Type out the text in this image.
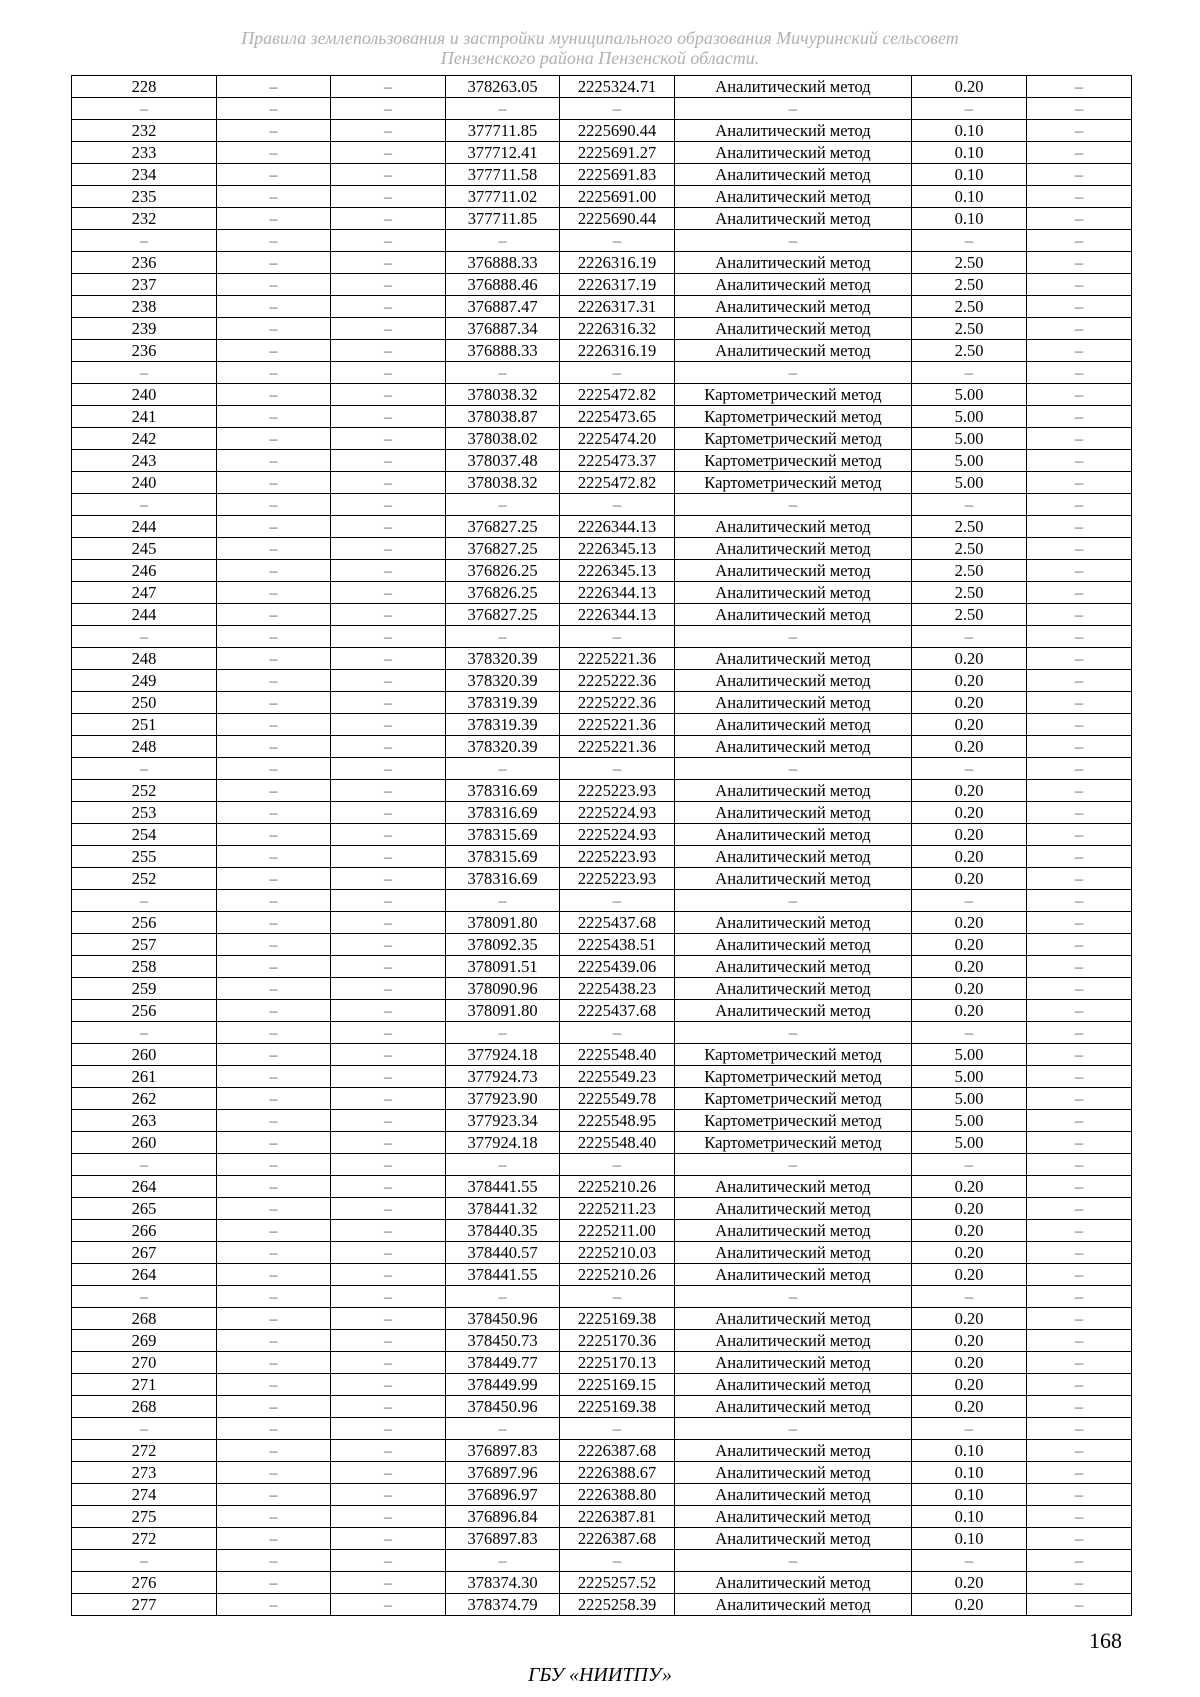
Правила землепользования и застройки муниципального образования Мичуринский сельсовет
Пензенского района Пензенской области.
228	–	–	378263.05	2225324.71	Аналитический метод	0.20	–
–	–	–	–	–	–	–	–
232	–	–	377711.85	2225690.44	Аналитический метод	0.10	–
233	–	–	377712.41	2225691.27	Аналитический метод	0.10	–
234	–	–	377711.58	2225691.83	Аналитический метод	0.10	–
235	–	–	377711.02	2225691.00	Аналитический метод	0.10	–
232	–	–	377711.85	2225690.44	Аналитический метод	0.10	–
–	–	–	–	–	–	–	–
236	–	–	376888.33	2226316.19	Аналитический метод	2.50	–
237	–	–	376888.46	2226317.19	Аналитический метод	2.50	–
238	–	–	376887.47	2226317.31	Аналитический метод	2.50	–
239	–	–	376887.34	2226316.32	Аналитический метод	2.50	–
236	–	–	376888.33	2226316.19	Аналитический метод	2.50	–
–	–	–	–	–	–	–	–
240	–	–	378038.32	2225472.82	Картометрический метод	5.00	–
241	–	–	378038.87	2225473.65	Картометрический метод	5.00	–
242	–	–	378038.02	2225474.20	Картометрический метод	5.00	–
243	–	–	378037.48	2225473.37	Картометрический метод	5.00	–
240	–	–	378038.32	2225472.82	Картометрический метод	5.00	–
–	–	–	–	–	–	–	–
244	–	–	376827.25	2226344.13	Аналитический метод	2.50	–
245	–	–	376827.25	2226345.13	Аналитический метод	2.50	–
246	–	–	376826.25	2226345.13	Аналитический метод	2.50	–
247	–	–	376826.25	2226344.13	Аналитический метод	2.50	–
244	–	–	376827.25	2226344.13	Аналитический метод	2.50	–
–	–	–	–	–	–	–	–
248	–	–	378320.39	2225221.36	Аналитический метод	0.20	–
249	–	–	378320.39	2225222.36	Аналитический метод	0.20	–
250	–	–	378319.39	2225222.36	Аналитический метод	0.20	–
251	–	–	378319.39	2225221.36	Аналитический метод	0.20	–
248	–	–	378320.39	2225221.36	Аналитический метод	0.20	–
–	–	–	–	–	–	–	–
252	–	–	378316.69	2225223.93	Аналитический метод	0.20	–
253	–	–	378316.69	2225224.93	Аналитический метод	0.20	–
254	–	–	378315.69	2225224.93	Аналитический метод	0.20	–
255	–	–	378315.69	2225223.93	Аналитический метод	0.20	–
252	–	–	378316.69	2225223.93	Аналитический метод	0.20	–
–	–	–	–	–	–	–	–
256	–	–	378091.80	2225437.68	Аналитический метод	0.20	–
257	–	–	378092.35	2225438.51	Аналитический метод	0.20	–
258	–	–	378091.51	2225439.06	Аналитический метод	0.20	–
259	–	–	378090.96	2225438.23	Аналитический метод	0.20	–
256	–	–	378091.80	2225437.68	Аналитический метод	0.20	–
–	–	–	–	–	–	–	–
260	–	–	377924.18	2225548.40	Картометрический метод	5.00	–
261	–	–	377924.73	2225549.23	Картометрический метод	5.00	–
262	–	–	377923.90	2225549.78	Картометрический метод	5.00	–
263	–	–	377923.34	2225548.95	Картометрический метод	5.00	–
260	–	–	377924.18	2225548.40	Картометрический метод	5.00	–
–	–	–	–	–	–	–	–
264	–	–	378441.55	2225210.26	Аналитический метод	0.20	–
265	–	–	378441.32	2225211.23	Аналитический метод	0.20	–
266	–	–	378440.35	2225211.00	Аналитический метод	0.20	–
267	–	–	378440.57	2225210.03	Аналитический метод	0.20	–
264	–	–	378441.55	2225210.26	Аналитический метод	0.20	–
–	–	–	–	–	–	–	–
268	–	–	378450.96	2225169.38	Аналитический метод	0.20	–
269	–	–	378450.73	2225170.36	Аналитический метод	0.20	–
270	–	–	378449.77	2225170.13	Аналитический метод	0.20	–
271	–	–	378449.99	2225169.15	Аналитический метод	0.20	–
268	–	–	378450.96	2225169.38	Аналитический метод	0.20	–
–	–	–	–	–	–	–	–
272	–	–	376897.83	2226387.68	Аналитический метод	0.10	–
273	–	–	376897.96	2226388.67	Аналитический метод	0.10	–
274	–	–	376896.97	2226388.80	Аналитический метод	0.10	–
275	–	–	376896.84	2226387.81	Аналитический метод	0.10	–
272	–	–	376897.83	2226387.68	Аналитический метод	0.10	–
–	–	–	–	–	–	–	–
276	–	–	378374.30	2225257.52	Аналитический метод	0.20	–
277	–	–	378374.79	2225258.39	Аналитический метод	0.20	–
168
ГБУ «НИИТПУ»
